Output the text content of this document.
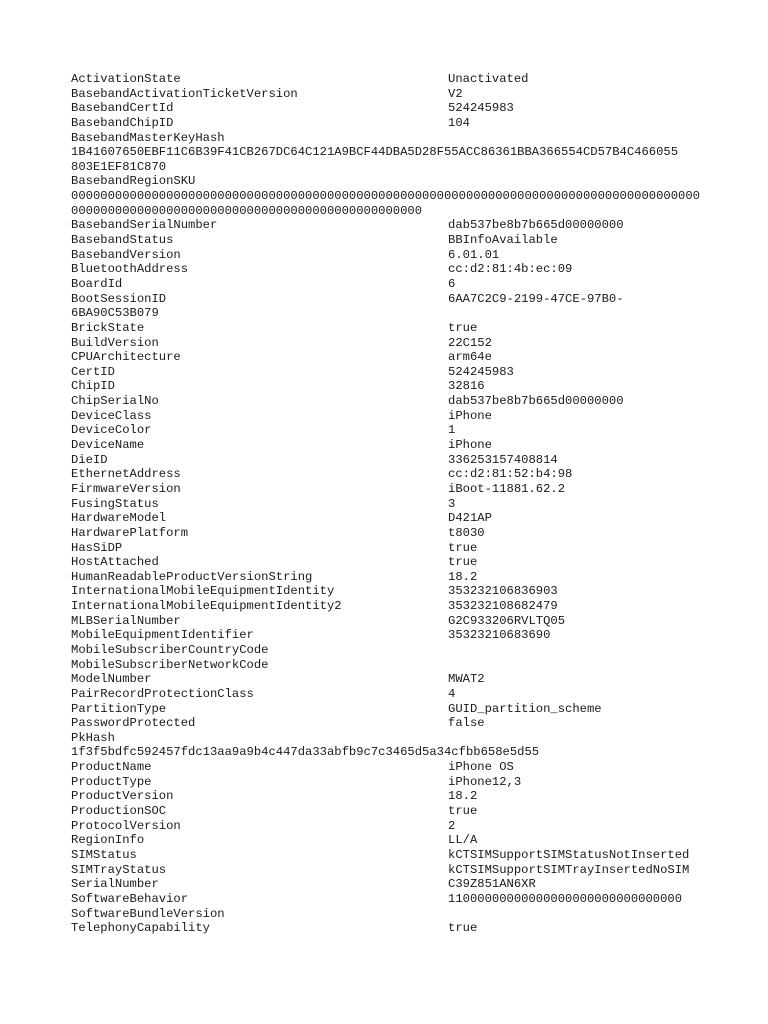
ActivationState	Unactivated
BasebandActivationTicketVersion	V2
BasebandCertId	524245983
BasebandChipID	104
BasebandMasterKeyHash
1B41607650EBF11C6B39F41CB267DC64C121A9BCF44DBA5D28F55ACC86361BBA366554CD57B4C466055
803E1EF81C870
BasebandRegionSKU
00000000000000000000000000000000000000000000000000000000000000000000000000000000000000
000000000000000000000000000000000000000000000000
BasebandSerialNumber	dab537be8b7b665d00000000
BasebandStatus	BBInfoAvailable
BasebandVersion	6.01.01
BluetoothAddress	cc:d2:81:4b:ec:09
BoardId	6
BootSessionID	6AA7C2C9-2199-47CE-97B0-
6BA90C53B079
BrickState	true
BuildVersion	22C152
CPUArchitecture	arm64e
CertID	524245983
ChipID	32816
ChipSerialNo	dab537be8b7b665d00000000
DeviceClass	iPhone
DeviceColor	1
DeviceName	iPhone
DieID	336253157408814
EthernetAddress	cc:d2:81:52:b4:98
FirmwareVersion	iBoot-11881.62.2
FusingStatus	3
HardwareModel	D421AP
HardwarePlatform	t8030
HasSiDP	true
HostAttached	true
HumanReadableProductVersionString	18.2
InternationalMobileEquipmentIdentity	353232106836903
InternationalMobileEquipmentIdentity2	353232108682479
MLBSerialNumber	G2C933206RVLTQ05
MobileEquipmentIdentifier	35323210683690
MobileSubscriberCountryCode
MobileSubscriberNetworkCode
ModelNumber	MWAT2
PairRecordProtectionClass	4
PartitionType	GUID_partition_scheme
PasswordProtected	false
PkHash
1f3f5bdfc592457fdc13aa9a9b4c447da33abfb9c7c3465d5a34cfbb658e5d55
ProductName	iPhone OS
ProductType	iPhone12,3
ProductVersion	18.2
ProductionSOC	true
ProtocolVersion	2
RegionInfo	LL/A
SIMStatus	kCTSIMSupportSIMStatusNotInserted
SIMTrayStatus	kCTSIMSupportSIMTrayInsertedNoSIM
SerialNumber	C39Z851AN6XR
SoftwareBehavior	11000000000000000000000000000000
SoftwareBundleVersion
TelephonyCapability	true
